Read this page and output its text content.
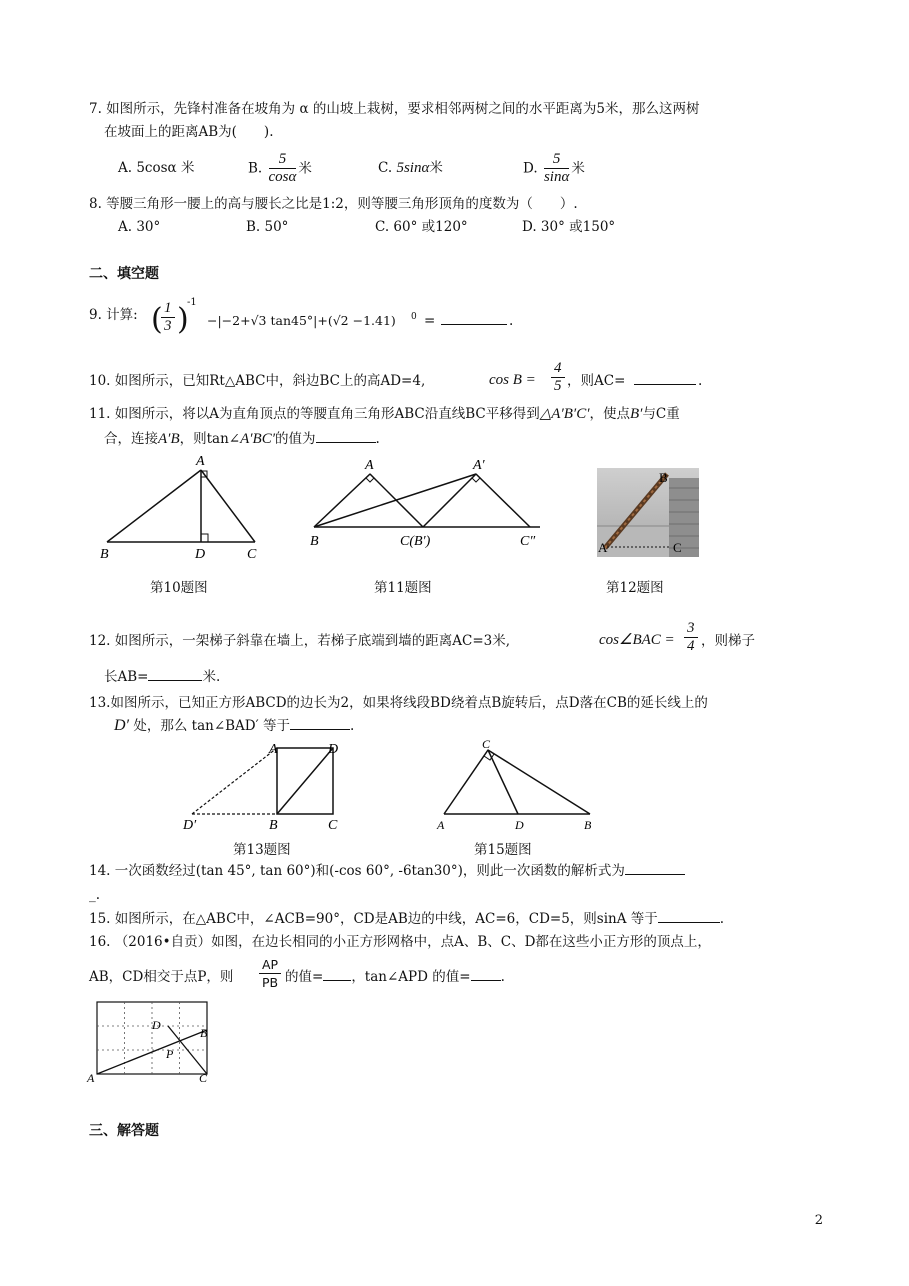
7. 如图所示，先锋村准备在坡角为 α 的山坡上栽树，要求相邻两树之间的水平距离为5米，那么这两树
在坡面上的距离AB为(　　).
A. 5cosα 米	B. $\frac{5}{\cos\alpha}$ 米	C. 5sinα米	D. $\frac{5}{\sin\alpha}$ 米
8. 等腰三角形一腰上的高与腰长之比是1:2，则等腰三角形顶角的度数为（　　）.
A. 30°	B. 50°	C. 60° 或120°	D. 30° 或150°
二、填空题
9. 计算: (
$\frac{1}{3}$ )
-1
−|−2+√3 tan45°|+(√2 −1.41) 0 =	.
10. 如图所示，已知Rt△ABC中，斜边BC上的高AD=4,	$\cos B = \frac{4}{5}$ ，则AC=	.
11. 如图所示，将以A为直角顶点的等腰直角三角形ABC沿直线BC平移得到△A′B′C′，使点B′与C重
合，连接A′B，则tan∠A′BC′的值为	.
A
B	D	C
第10题图
A	A′
B	C(B′)	C″
第11题图
A
B
C
第12题图
12. 如图所示，一架梯子斜靠在墙上，若梯子底端到墙的距离AC=3米,	cos∠BAC = $\frac{3}{4}$ ，则梯子
长AB=	米.
13.如图所示，已知正方形ABCD的边长为2，如果将线段BD绕着点B旋转后，点D落在CB的延长线上的
D′ 处，那么 tan∠BAD′ 等于	.
A	D
B	C
D′
第13题图
C
A	D	B
第15题图
14. 一次函数经过(tan 45°, tan 60°)和(-cos 60°, -6tan30°)，则此一次函数的解析式为
_.
15. 如图所示，在△ABC中，∠ACB=90°，CD是AB边的中线，AC=6，CD=5，则sinA 等于	.
16. （2016•自贡）如图，在边长相同的小正方形网格中，点A、B、C、D都在这些小正方形的顶点上，
AB，CD相交于点P，则 $\frac{AP}{PB}$ 的值= ，tan∠APD 的值= .
A
B
C
D
P
三、解答题
2
